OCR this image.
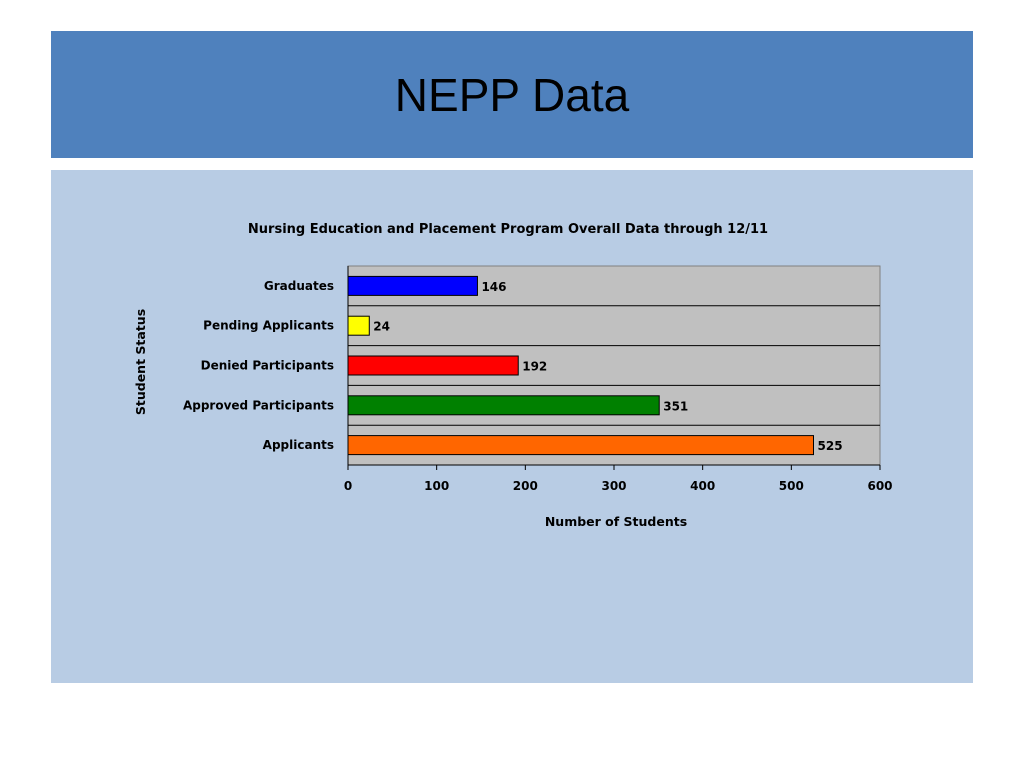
NEPP Data
Nursing Education and Placement Program Overall Data through 12/11
0	100	200	300	400	500	600
Graduates
Pending Applicants
Denied Participants
Approved Participants
Applicants
146
24
192
351
525
Number of Students
Student Status
